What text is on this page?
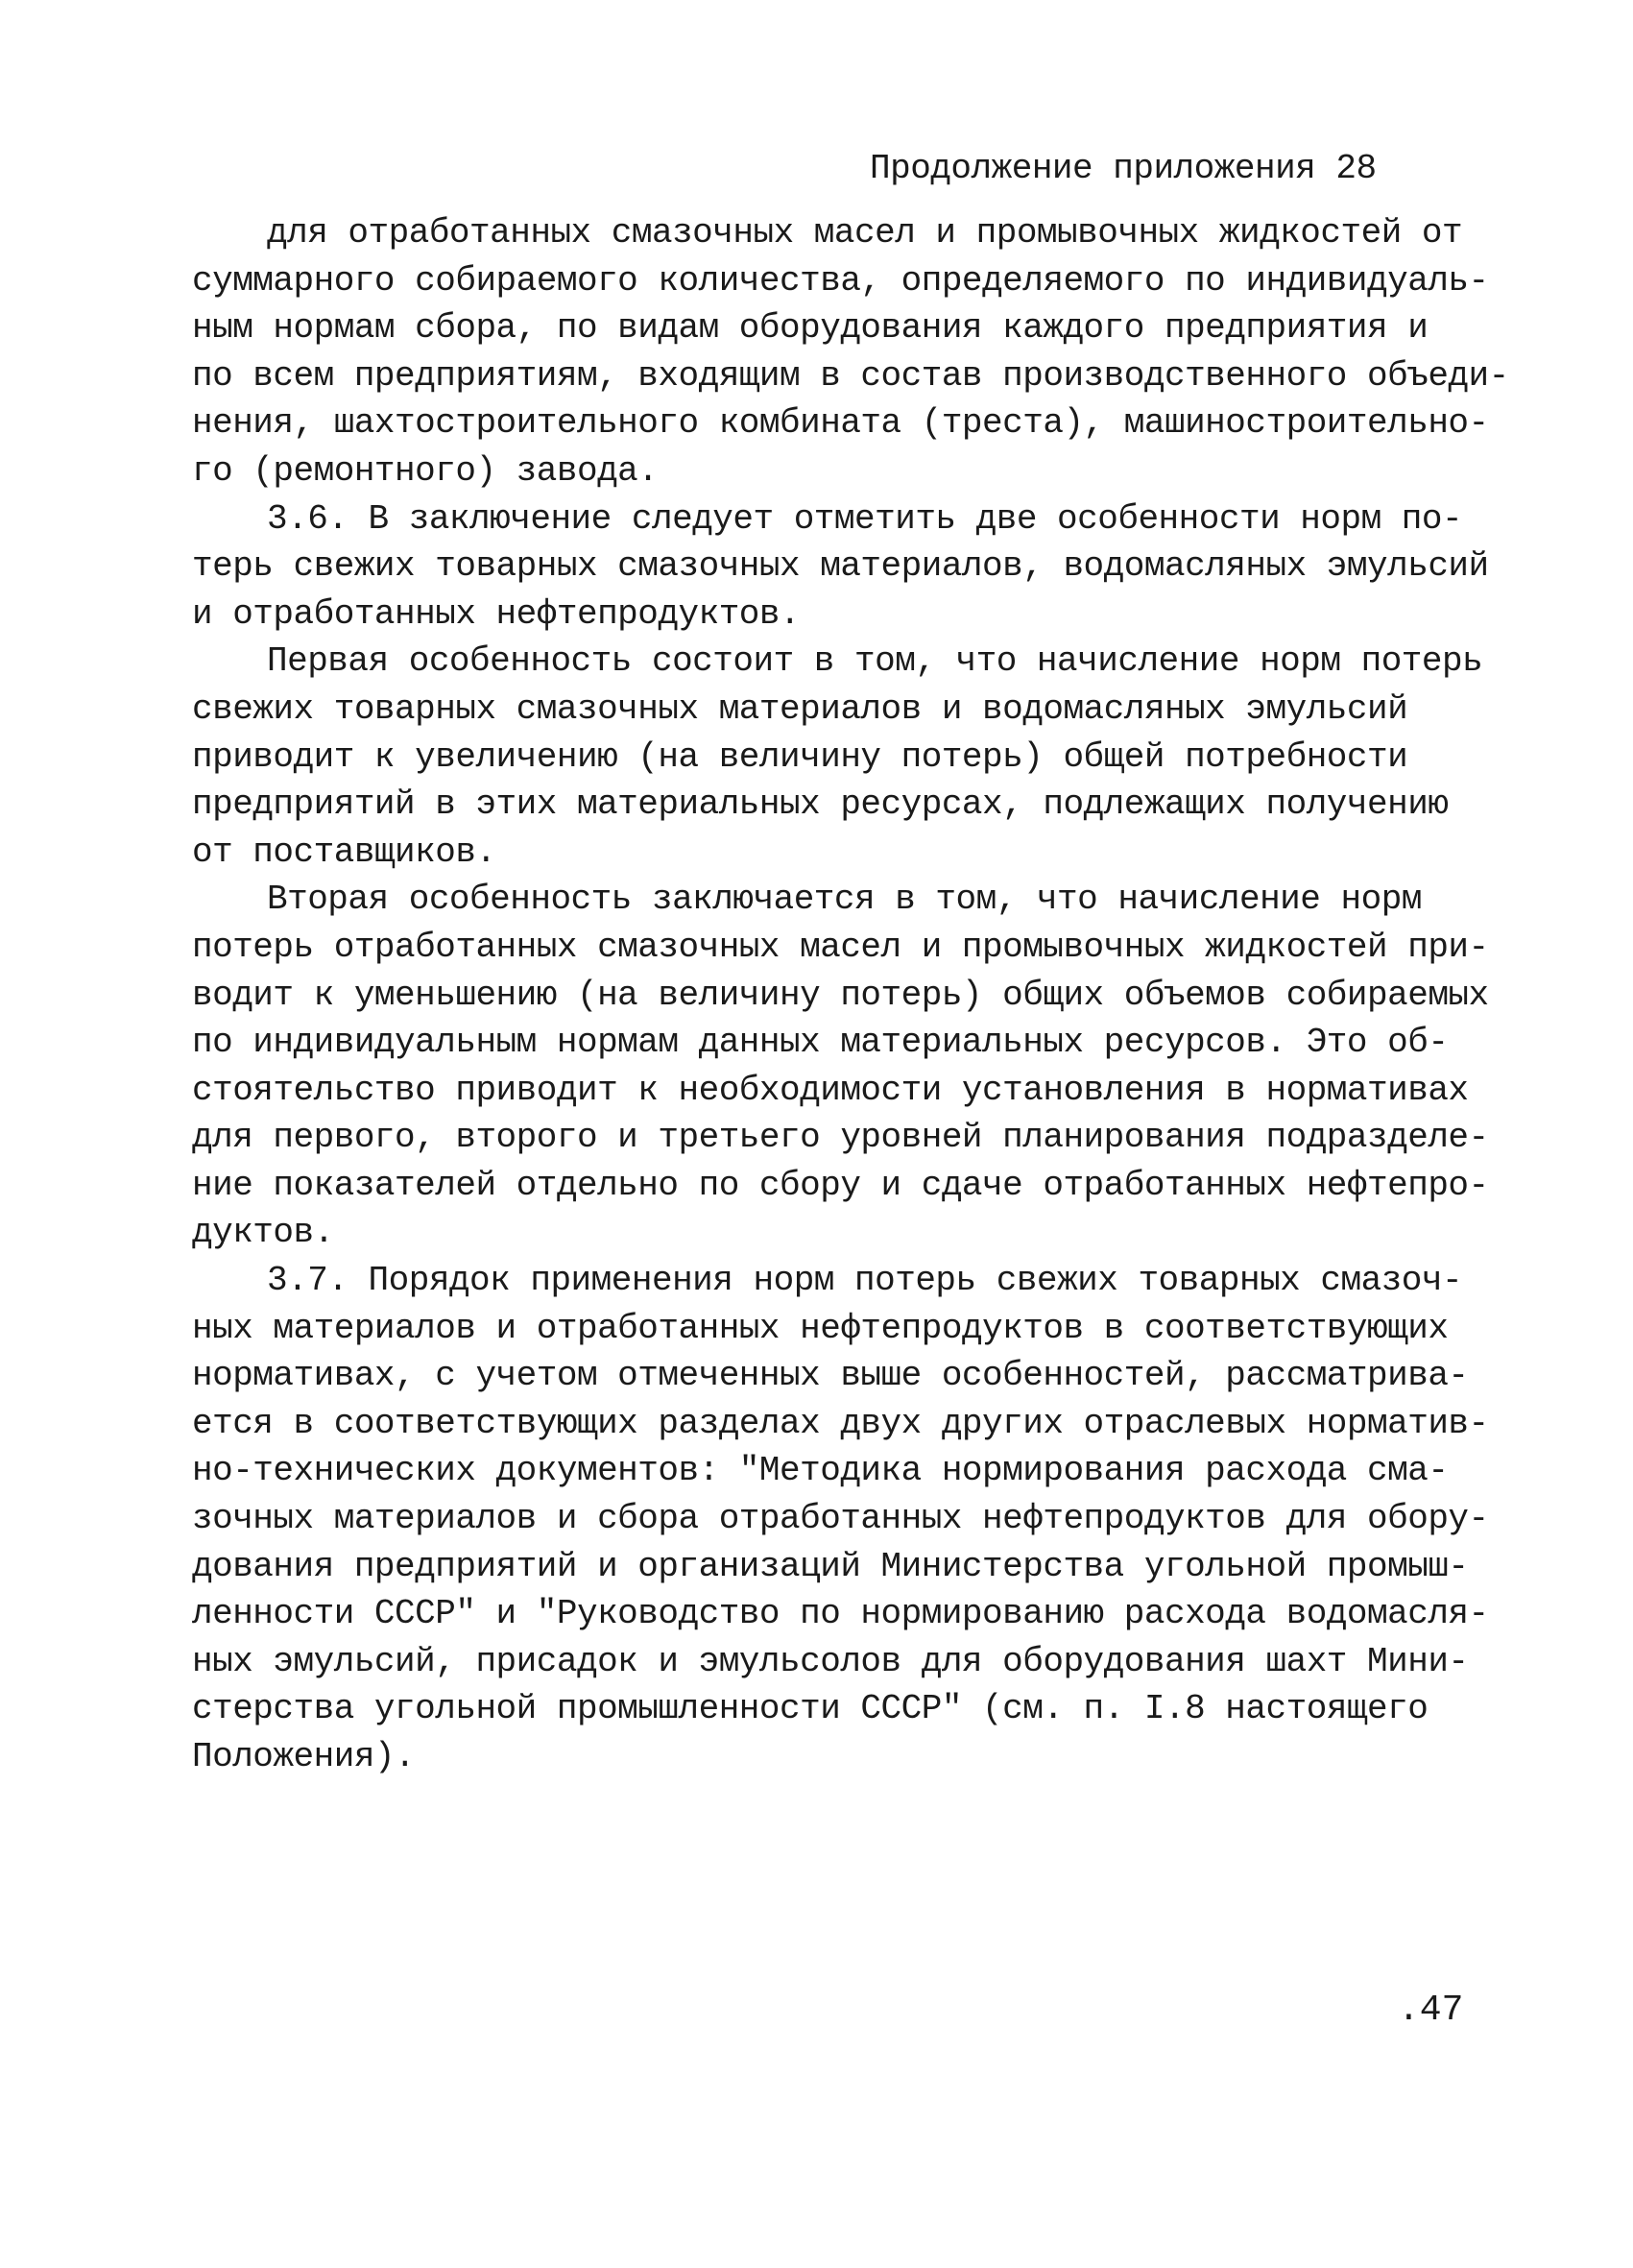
Продолжение приложения 28
для отработанных смазочных масел и промывочных жидкостей от
суммарного собираемого количества, определяемого по индивидуаль-
ным нормам сбора, по видам оборудования каждого предприятия и
по всем предприятиям, входящим в состав производственного объеди-
нения, шахтостроительного комбината (треста), машиностроительно-
го (ремонтного) завода.
3.6. В заключение следует отметить две особенности норм по-
терь свежих товарных смазочных материалов, водомасляных эмульсий
и отработанных нефтепродуктов.
Первая особенность состоит в том, что начисление норм потерь
свежих товарных смазочных материалов и водомасляных эмульсий
приводит к увеличению (на величину потерь) общей потребности
предприятий в этих материальных ресурсах, подлежащих получению
от поставщиков.
Вторая особенность заключается в том, что начисление норм
потерь отработанных смазочных масел и промывочных жидкостей при-
водит к уменьшению (на величину потерь) общих объемов собираемых
по индивидуальным нормам данных материальных ресурсов. Это об-
стоятельство приводит к необходимости установления в нормативах
для первого, второго и третьего уровней планирования подразделе-
ние показателей отдельно по сбору и сдаче отработанных нефтепро-
дуктов.
3.7. Порядок применения норм потерь свежих товарных смазоч-
ных материалов и отработанных нефтепродуктов в соответствующих
нормативах, с учетом отмеченных выше особенностей, рассматрива-
ется в соответствующих разделах двух других отраслевых норматив-
но-технических документов: "Методика нормирования расхода сма-
зочных материалов и сбора отработанных нефтепродуктов для обору-
дования предприятий и организаций Министерства угольной промыш-
ленности СССР" и "Руководство по нормированию расхода водомасля-
ных эмульсий, присадок и эмульсолов для оборудования шахт Мини-
стерства угольной промышленности СССР" (см. п. I.8 настоящего
Положения).
.47
